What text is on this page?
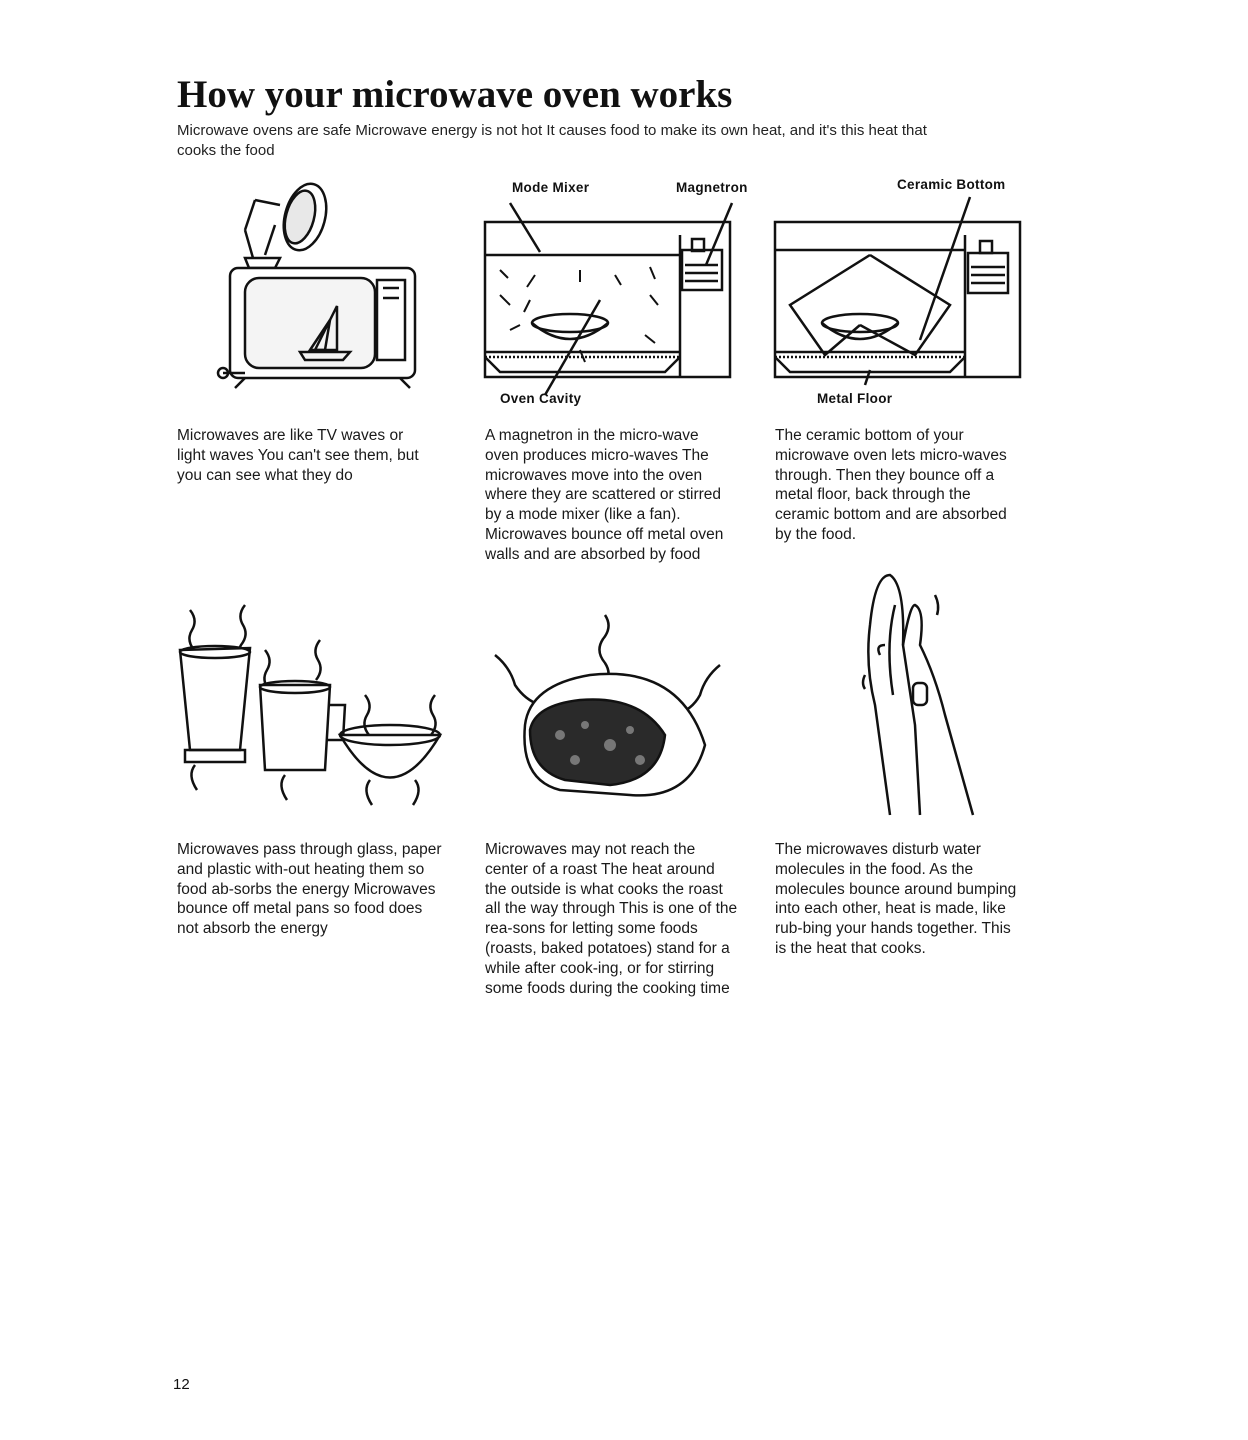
How your microwave oven works

Microwave ovens are safe Microwave energy is not hot It causes food to make its own heat, and it's this heat that cooks the food

Mode Mixer	Magnetron

Oven Cavity

Ceramic Bottom

Metal Floor

Microwaves are like TV waves or light waves You can't see them, but you can see what they do

A magnetron in the micro-wave oven produces micro-waves The microwaves move into the oven where they are scattered or stirred by a mode mixer (like a fan). Microwaves bounce off metal oven walls and are absorbed by food

The ceramic bottom of your microwave oven lets micro-waves through. Then they bounce off a metal floor, back through the ceramic bottom and are absorbed by the food.

Microwaves pass through glass, paper and plastic with-out heating them so food ab-sorbs the energy Microwaves bounce off metal pans so food does not absorb the energy

Microwaves may not reach the center of a roast The heat around the outside is what cooks the roast all the way through This is one of the rea-sons for letting some foods (roasts, baked potatoes) stand for a while after cook-ing, or for stirring some foods during the cooking time

The microwaves disturb water molecules in the food. As the molecules bounce around bumping into each other, heat is made, like rub-bing your hands together. This is the heat that cooks.

12
